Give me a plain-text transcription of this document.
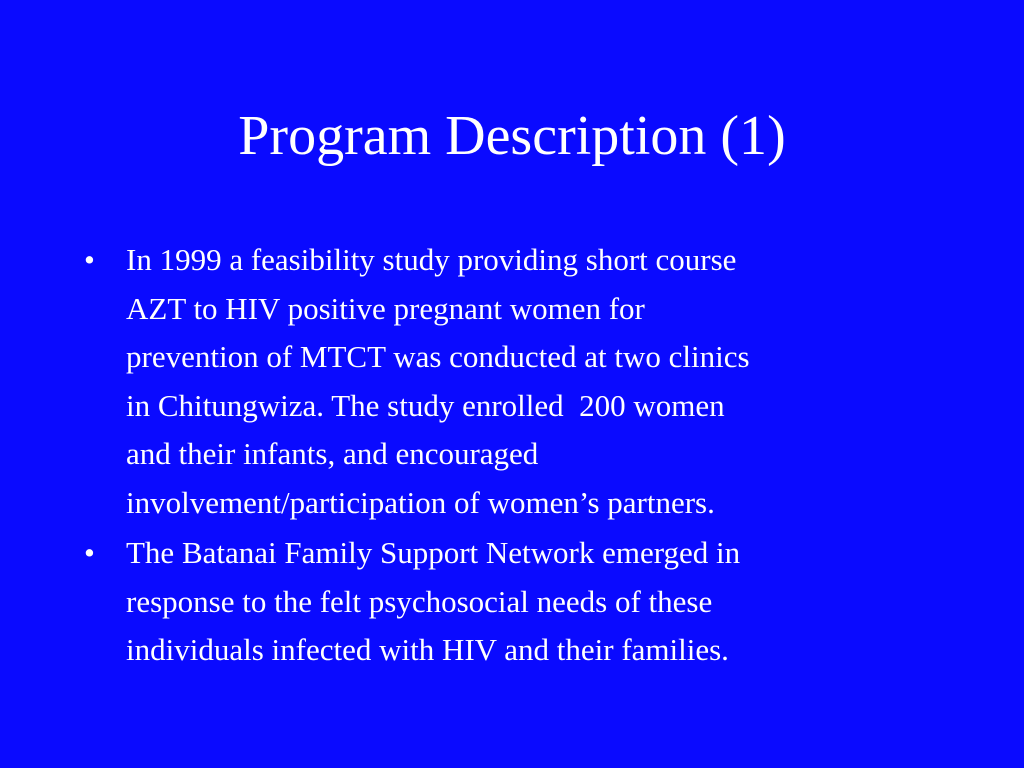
Program Description (1)
•	In 1999 a feasibility study providing short course
AZT to HIV positive pregnant women for
prevention of MTCT was conducted at two clinics
in Chitungwiza. The study enrolled  200 women
and their infants, and encouraged
involvement/participation of women’s partners.
•	The Batanai Family Support Network emerged in
response to the felt psychosocial needs of these
individuals infected with HIV and their families.
